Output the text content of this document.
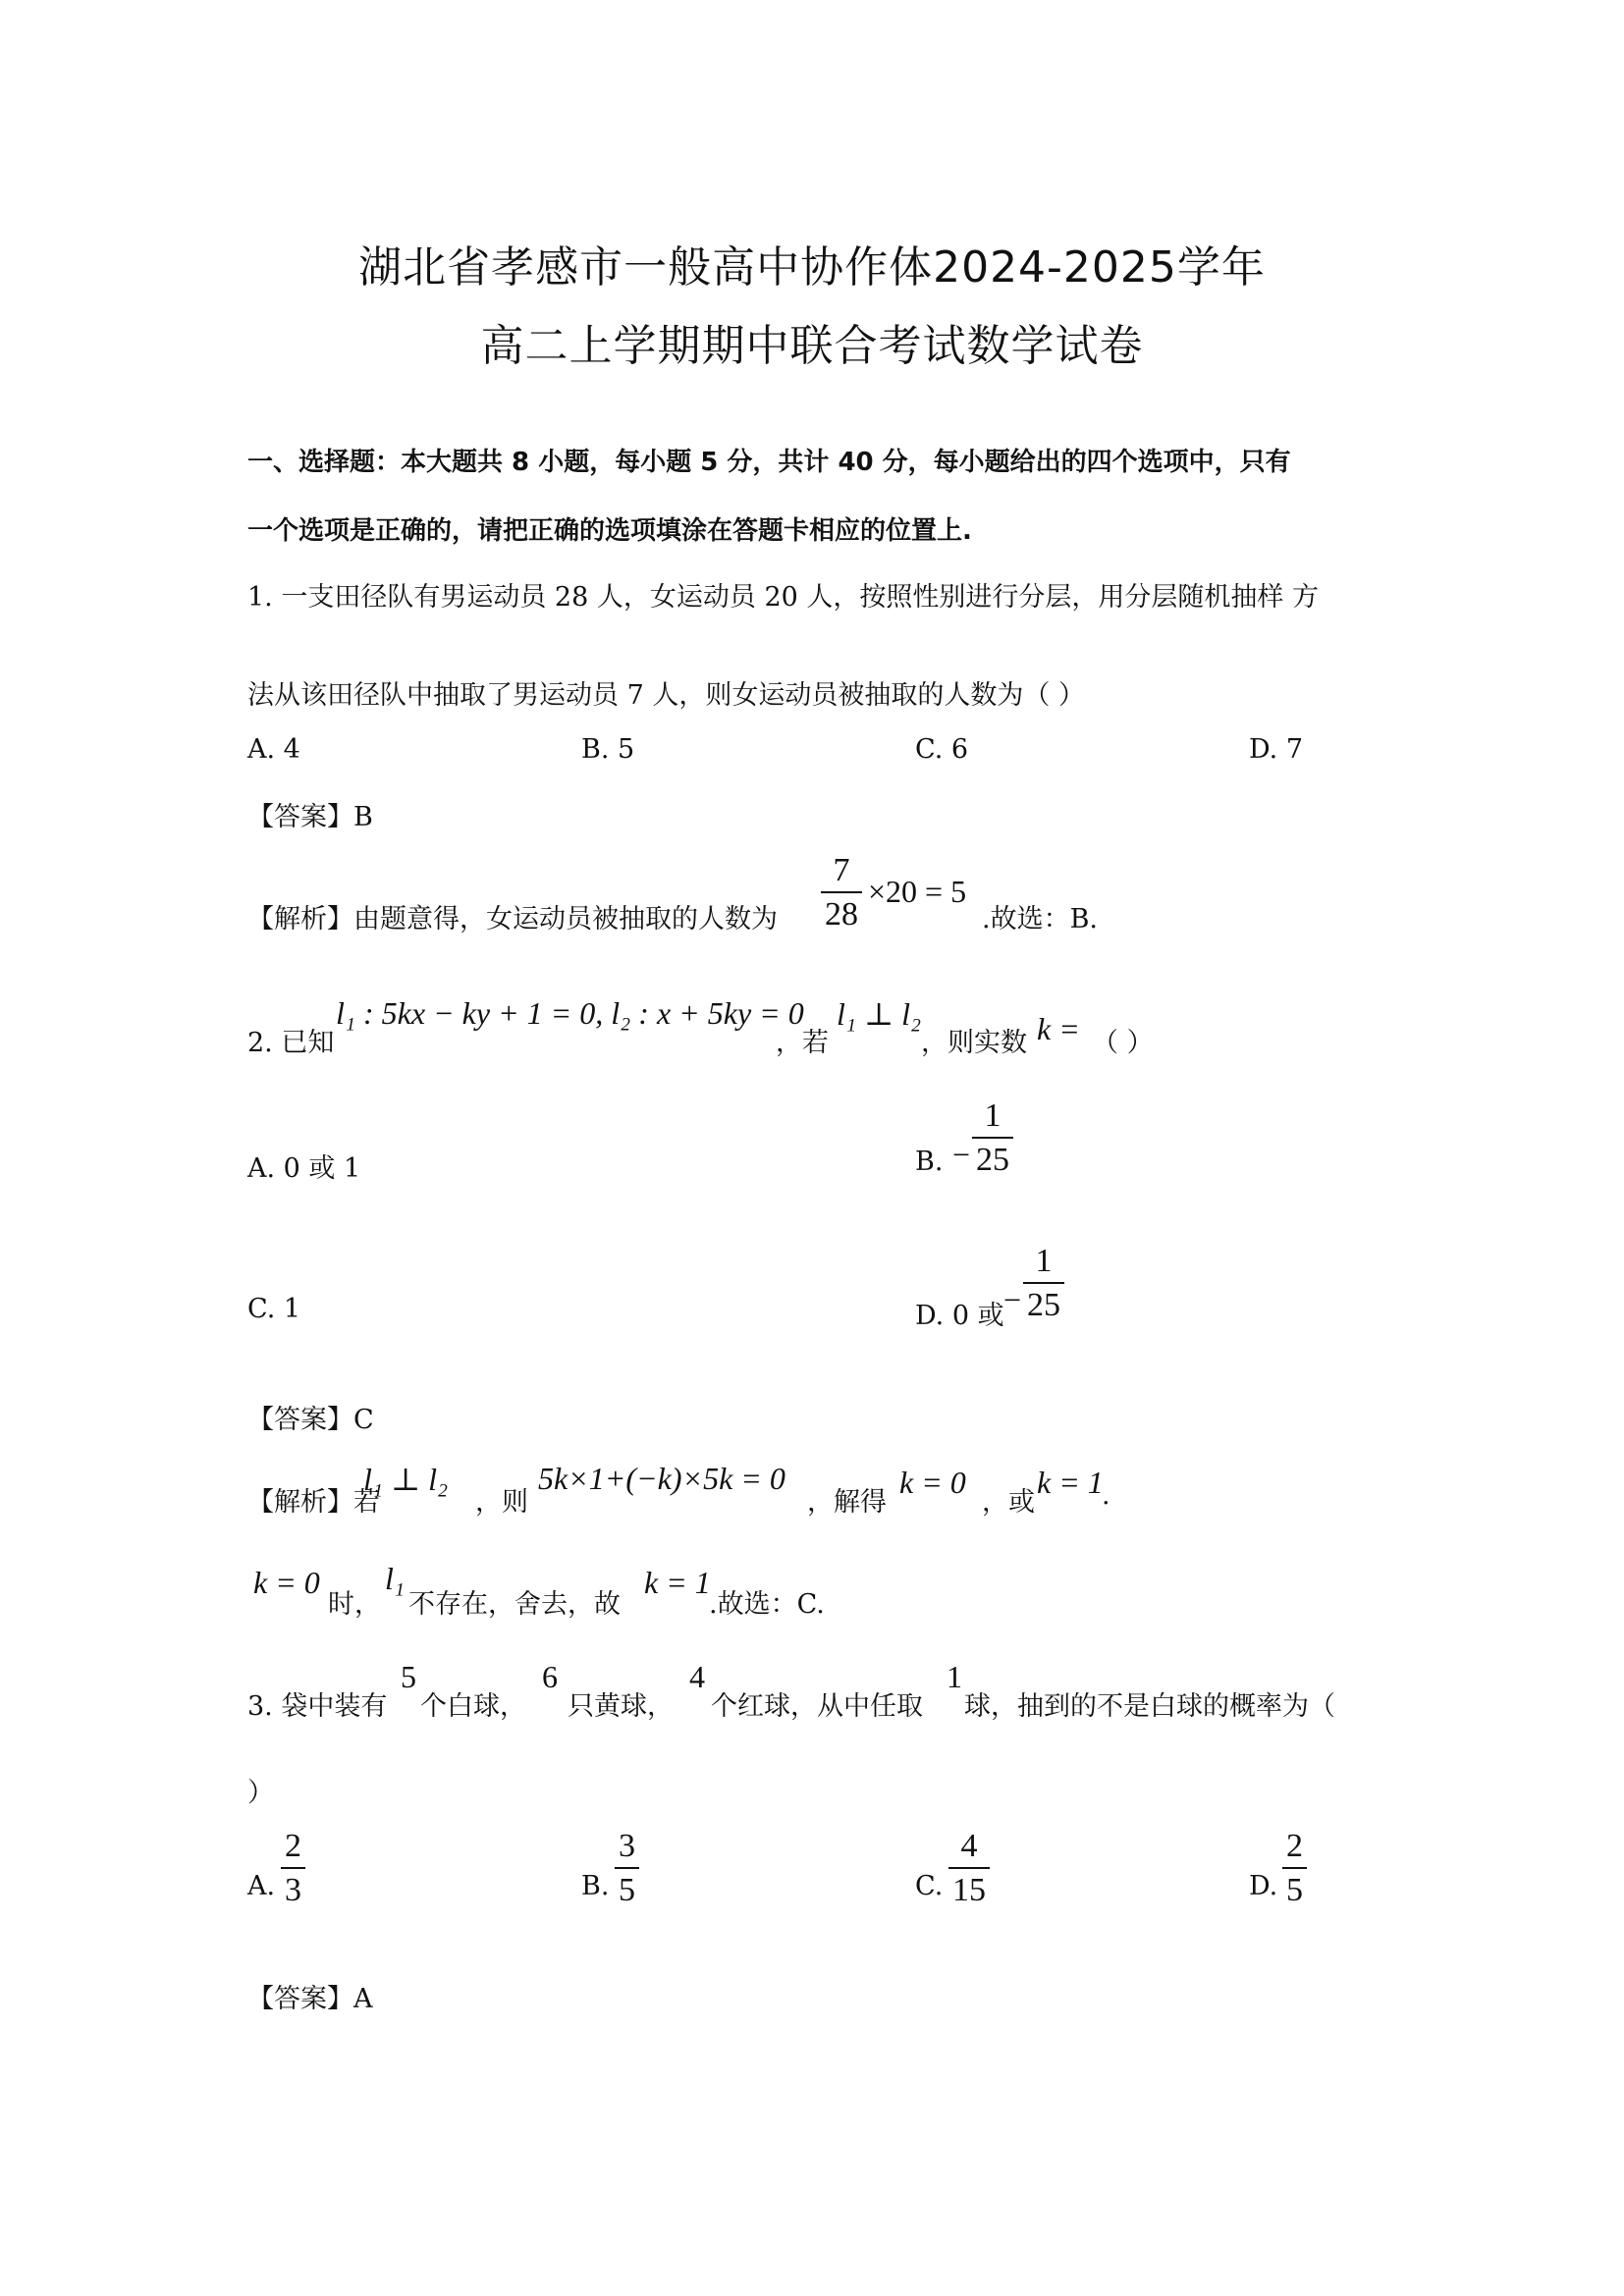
湖北省孝感市一般高中协作体2024-2025学年
高二上学期期中联合考试数学试卷
一、选择题：本大题共 8 小题，每小题 5 分，共计 40 分，每小题给出的四个选项中，只有
一个选项是正确的，请把正确的选项填涂在答题卡相应的位置上.
1. 一支田径队有男运动员 28 人，女运动员 20 人，按照性别进行分层，用分层随机抽样 方
法从该田径队中抽取了男运动员 7 人，则女运动员被抽取的人数为（ ）
A. 4	B. 5	C. 6	D. 7
【答案】B
【解析】由题意得，女运动员被抽取的人数为 $\frac{7}{28} \times 20 = 5$
.故选：B.
2. 已知
l₁ : 5kx − ky + 1 = 0, l₂ : x + 5ky = 0
，若
l₁ ⊥ l₂
，则实数 k = （ ）
A. 0 或 1	B. − $\frac{1}{25}$
C. 1	D. 0 或 − $\frac{1}{25}$
【答案】C
【解析】若
l₁ ⊥ l₂
，则
5k×1+(−k)×5k = 0
，解得
k = 0
，或
k = 1
.
k = 0
时，
l₁
不存在，舍去，故
k = 1
.故选：C.
3. 袋中装有
5
个白球，
6
只黄球，
4
个红球，从中任取
1
球，抽到的不是白球的概率为（
）
A. $\frac{2}{3}$	B. $\frac{3}{5}$	C. $\frac{4}{15}$	D. $\frac{2}{5}$
【答案】A
